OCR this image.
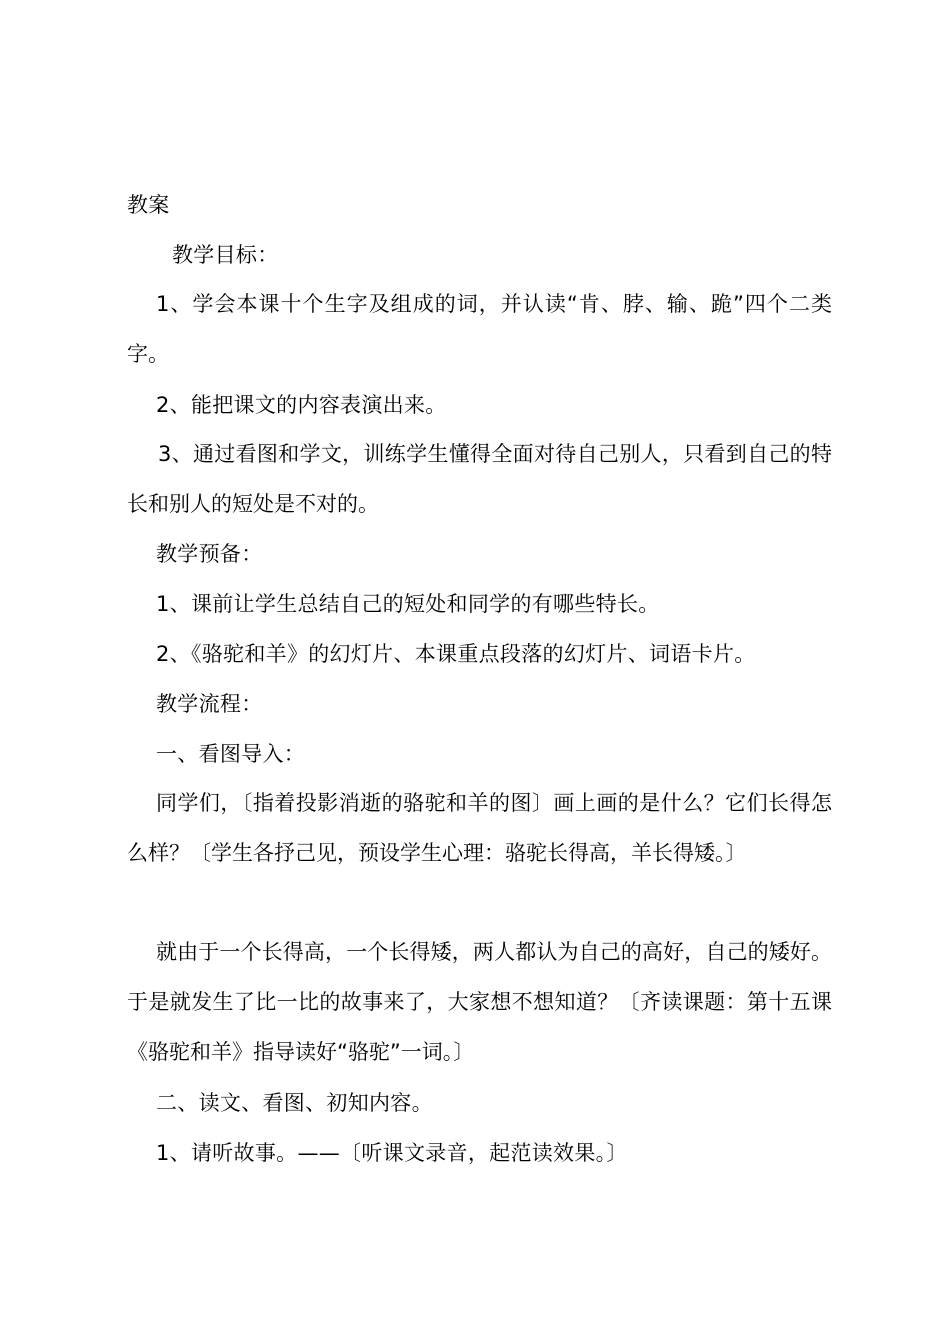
教案
教学目标：
1、学会本课十个生字及组成的词，并认读“肯、脖、输、跪”四个二类字。
2、能把课文的内容表演出来。
3、通过看图和学文，训练学生懂得全面对待自己别人，只看到自己的特长和别人的短处是不对的。
教学预备：
1、课前让学生总结自己的短处和同学的有哪些特长。
2、《骆驼和羊》的幻灯片、本课重点段落的幻灯片、词语卡片。
教学流程：
一、看图导入：
同学们，〔指着投影消逝的骆驼和羊的图〕画上画的是什么？它们长得怎么样？〔学生各抒己见，预设学生心理：骆驼长得高，羊长得矮。〕
就由于一个长得高，一个长得矮，两人都认为自己的高好，自己的矮好。于是就发生了比一比的故事来了，大家想不想知道？〔齐读课题：第十五课《骆驼和羊》指导读好“骆驼”一词。〕
二、读文、看图、初知内容。
1、请听故事。——〔听课文录音，起范读效果。〕
